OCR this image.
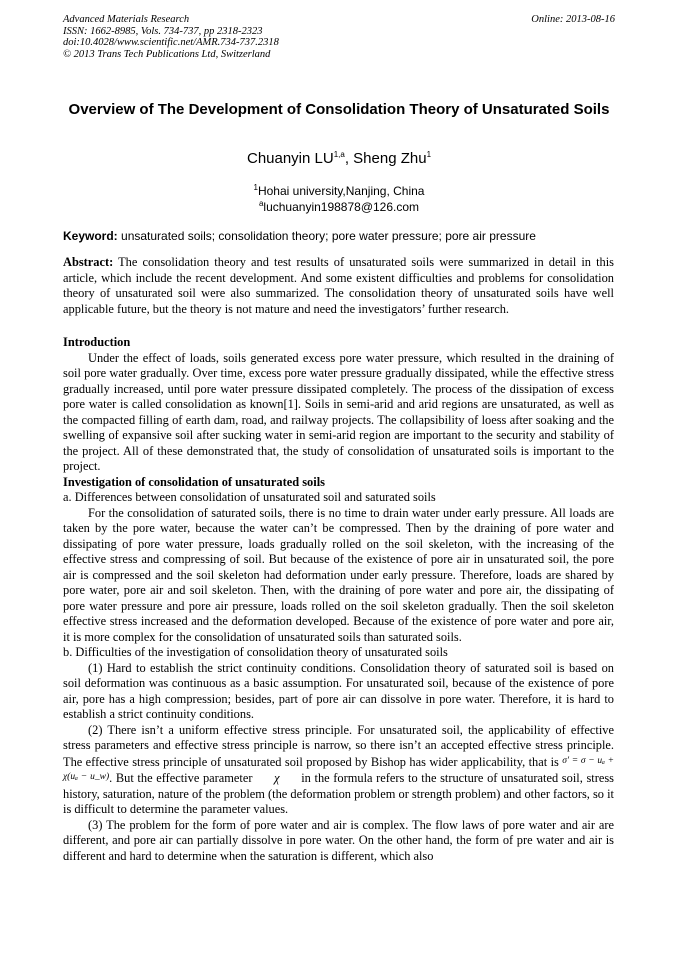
Advanced Materials Research
ISSN: 1662-8985, Vols. 734-737, pp 2318-2323
doi:10.4028/www.scientific.net/AMR.734-737.2318
© 2013 Trans Tech Publications Ltd, Switzerland
Online: 2013-08-16
Overview of The Development of Consolidation Theory of Unsaturated Soils
Chuanyin LU$^{1,a}$, Sheng Zhu$^1$
$^1$Hohai university,Nanjing, China
$^a$luchuanyin198878@126.com
Keyword: unsaturated soils; consolidation theory; pore water pressure; pore air pressure

Abstract: The consolidation theory and test results of unsaturated soils were summarized in detail in this article, which include the recent development. And some existent difficulties and problems for consolidation theory of unsaturated soil were also summarized. The consolidation theory of unsaturated soils have well applicable future, but the theory is not mature and need the investigators’ further research.

Introduction

Under the effect of loads, soils generated excess pore water pressure, which resulted in the draining of soil pore water gradually. Over time, excess pore water pressure gradually dissipated, while the effective stress gradually increased, until pore water pressure dissipated completely. The process of the dissipation of excess pore water is called consolidation as known[1]. Soils in semi-arid and arid regions are unsaturated, as well as the compacted filling of earth dam, road, and railway projects. The collapsibility of loess after soaking and the swelling of expansive soil after sucking water in semi-arid region are important to the security and stability of the project. All of these demonstrated that, the study of consolidation of unsaturated soils is important to the project.

Investigation of consolidation of unsaturated soils

a. Differences between consolidation of unsaturated soil and saturated soils

For the consolidation of saturated soils, there is no time to drain water under early pressure. All loads are taken by the pore water, because the water can’t be compressed. Then by the draining of pore water and dissipating of pore water pressure, loads gradually rolled on the soil skeleton, with the increasing of the effective stress and compressing of soil. But because of the existence of pore air in unsaturated soil, the pore air is compressed and the soil skeleton had deformation under early pressure. Therefore, loads are shared by pore water, pore air and soil skeleton. Then, with the draining of pore water and pore air, the dissipating of pore water pressure and pore air pressure, loads rolled on the soil skeleton gradually. Then the soil skeleton effective stress increased and the deformation developed. Because of the existence of pore water and pore air, it is more complex for the consolidation of unsaturated soils than saturated soils.

b. Difficulties of the investigation of consolidation theory of unsaturated soils

(1) Hard to establish the strict continuity conditions. Consolidation theory of saturated soil is based on soil deformation was continuous as a basic assumption. For unsaturated soil, because of the existence of pore air, pore has a high compression; besides, part of pore air can dissolve in pore water. Therefore, it is hard to establish a strict continuity conditions.

(2) There isn’t a uniform effective stress principle. For unsaturated soil, the applicability of effective stress parameters and effective stress principle is narrow, so there isn’t an accepted effective stress principle. The effective stress principle of unsaturated soil proposed by Bishop has wider applicability, that is $^{\sigma' = \sigma - u_a + \chi(u_a - u\_w)}$. But the effective parameter χ in the formula refers to the structure of unsaturated soil, stress history, saturation, nature of the problem (the deformation problem or strength problem) and other factors, so it is difficult to determine the parameter values.

(3) The problem for the form of pore water and air is complex. The flow laws of pore water and air are different, and pore air can partially dissolve in pore water. On the other hand, the form of pre water and air is different and hard to determine when the saturation is different, which also
